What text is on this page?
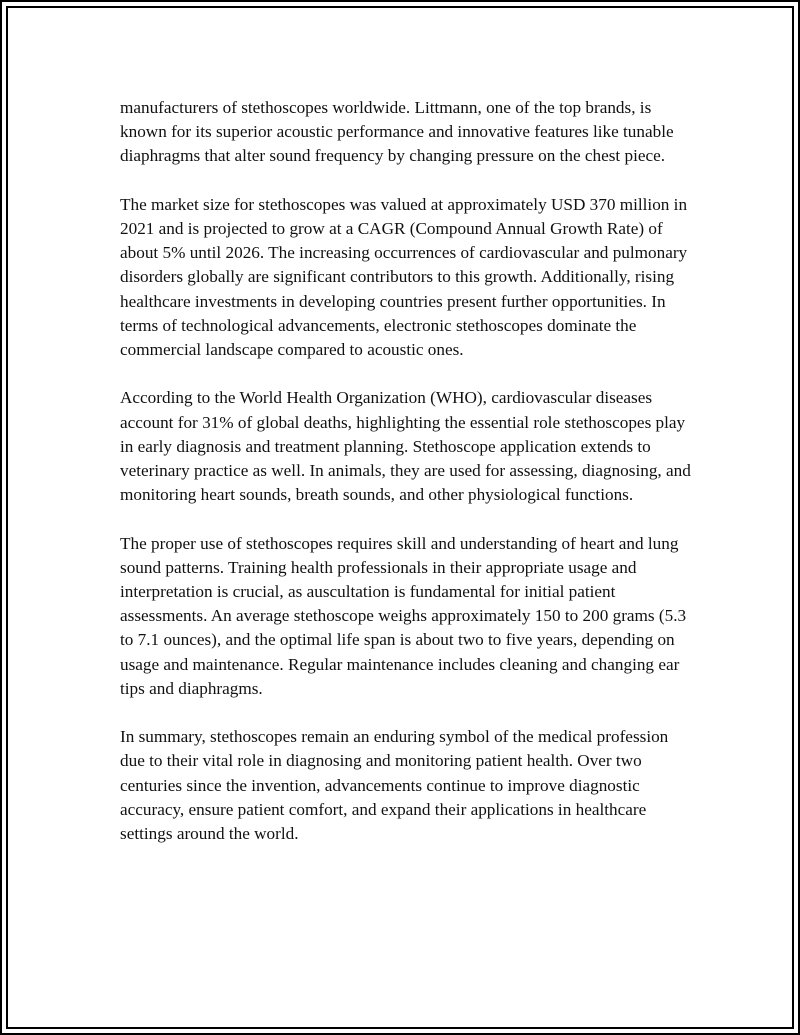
manufacturers of stethoscopes worldwide. Littmann, one of the top brands, is known for its superior acoustic performance and innovative features like tunable diaphragms that alter sound frequency by changing pressure on the chest piece.

The market size for stethoscopes was valued at approximately USD 370 million in 2021 and is projected to grow at a CAGR (Compound Annual Growth Rate) of about 5% until 2026. The increasing occurrences of cardiovascular and pulmonary disorders globally are significant contributors to this growth. Additionally, rising healthcare investments in developing countries present further opportunities. In terms of technological advancements, electronic stethoscopes dominate the commercial landscape compared to acoustic ones.

According to the World Health Organization (WHO), cardiovascular diseases account for 31% of global deaths, highlighting the essential role stethoscopes play in early diagnosis and treatment planning. Stethoscope application extends to veterinary practice as well. In animals, they are used for assessing, diagnosing, and monitoring heart sounds, breath sounds, and other physiological functions.

The proper use of stethoscopes requires skill and understanding of heart and lung sound patterns. Training health professionals in their appropriate usage and interpretation is crucial, as auscultation is fundamental for initial patient assessments. An average stethoscope weighs approximately 150 to 200 grams (5.3 to 7.1 ounces), and the optimal life span is about two to five years, depending on usage and maintenance. Regular maintenance includes cleaning and changing ear tips and diaphragms.

In summary, stethoscopes remain an enduring symbol of the medical profession due to their vital role in diagnosing and monitoring patient health. Over two centuries since the invention, advancements continue to improve diagnostic accuracy, ensure patient comfort, and expand their applications in healthcare settings around the world.
